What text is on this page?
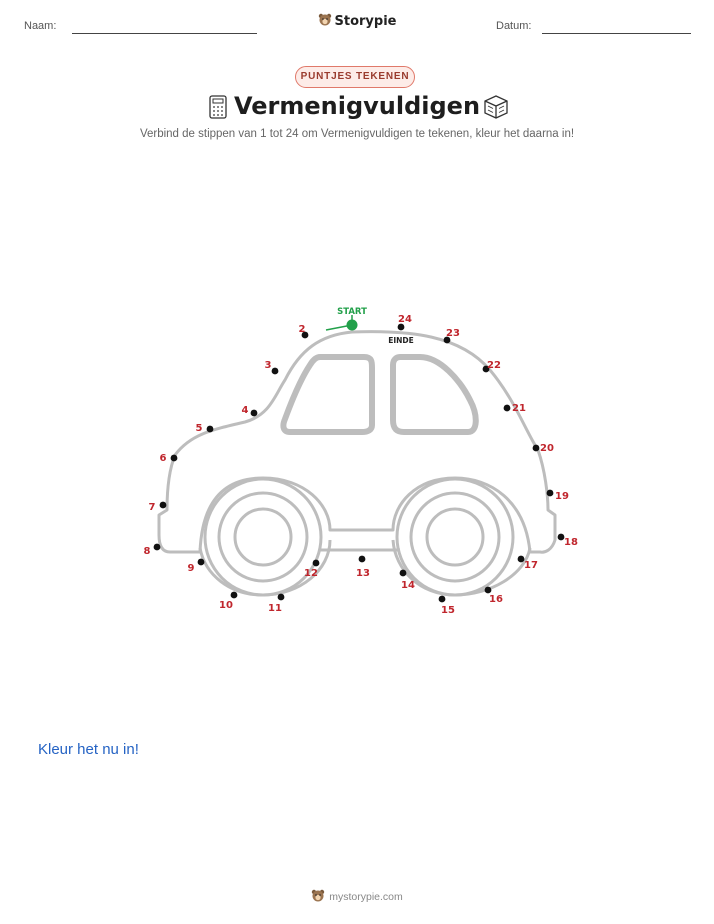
Naam:	Storypie	Datum:
PUNTJES TEKENEN
Vermenigvuldigen
Verbind de stippen van 1 tot 24 om Vermenigvuldigen te tekenen, kleur het daarna in!
START
EINDE
2
3
4
5
6
7
8
9
10	11
12	13
14
15
16
17
18
19
20
21
22
23
24
Kleur het nu in!
mystorypie.com
